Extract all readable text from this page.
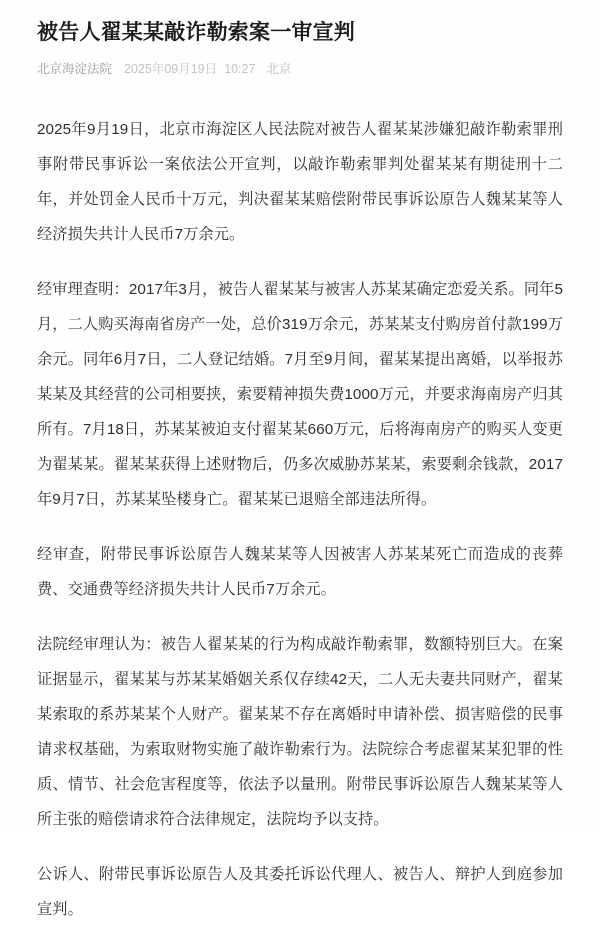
被告人翟某某敲诈勒索案一审宣判
北京海淀法院 2025年09月19日 10:27 北京

2025年9月19日，北京市海淀区人民法院对被告人翟某某涉嫌犯敲诈勒索罪刑事附带民事诉讼一案依法公开宣判，以敲诈勒索罪判处翟某某有期徒刑十二年，并处罚金人民币十万元，判决翟某某赔偿附带民事诉讼原告人魏某某等人经济损失共计人民币7万余元。

经审理查明：2017年3月，被告人翟某某与被害人苏某某确定恋爱关系。同年5月，二人购买海南省房产一处，总价319万余元，苏某某支付购房首付款199万余元。同年6月7日，二人登记结婚。7月至9月间，翟某某提出离婚，以举报苏某某及其经营的公司相要挟，索要精神损失费1000万元，并要求海南房产归其所有。7月18日，苏某某被迫支付翟某某660万元，后将海南房产的购买人变更为翟某某。翟某某获得上述财物后，仍多次威胁苏某某，索要剩余钱款，2017年9月7日，苏某某坠楼身亡。翟某某已退赔全部违法所得。

经审查，附带民事诉讼原告人魏某某等人因被害人苏某某死亡而造成的丧葬费、交通费等经济损失共计人民币7万余元。

法院经审理认为：被告人翟某某的行为构成敲诈勒索罪，数额特别巨大。在案证据显示，翟某某与苏某某婚姻关系仅存续42天，二人无夫妻共同财产，翟某某索取的系苏某某个人财产。翟某某不存在离婚时申请补偿、损害赔偿的民事请求权基础，为索取财物实施了敲诈勒索行为。法院综合考虑翟某某犯罪的性质、情节、社会危害程度等，依法予以量刑。附带民事诉讼原告人魏某某等人所主张的赔偿请求符合法律规定，法院均予以支持。

公诉人、附带民事诉讼原告人及其委托诉讼代理人、被告人、辩护人到庭参加宣判。
